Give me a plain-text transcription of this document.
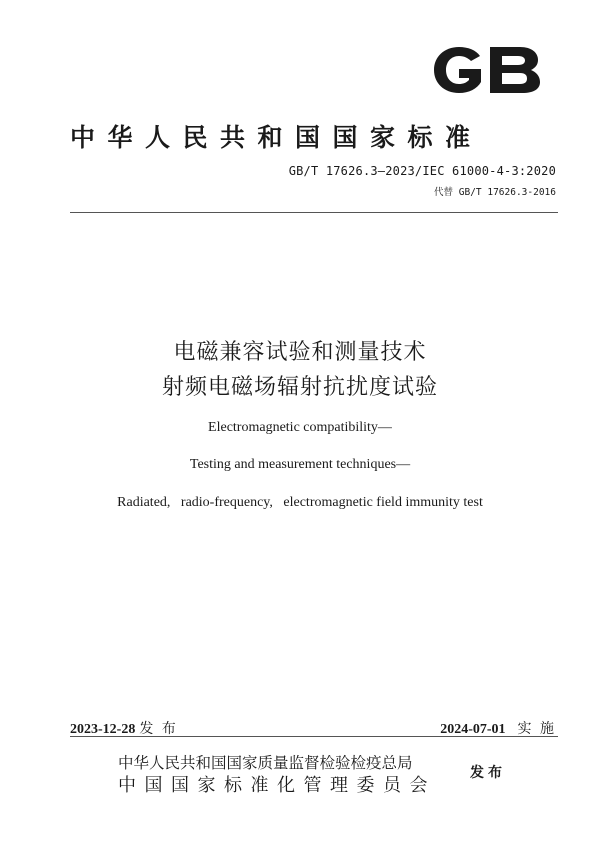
中华人民共和国国家标准
GB/T 17626.3—2023/IEC 61000-4-3:2020
代替 GB/T 17626.3-2016
电磁兼容试验和测量技术
射频电磁场辐射抗扰度试验
Electromagnetic compatibility—
Testing and measurement techniques—
Radiated,   radio-frequency,   electromagnetic field immunity test
2023-12-28 发 布	2024-07-01 实 施
中华人民共和国国家质量监督检验检疫总局
中国国家标准化管理委员会
发布
